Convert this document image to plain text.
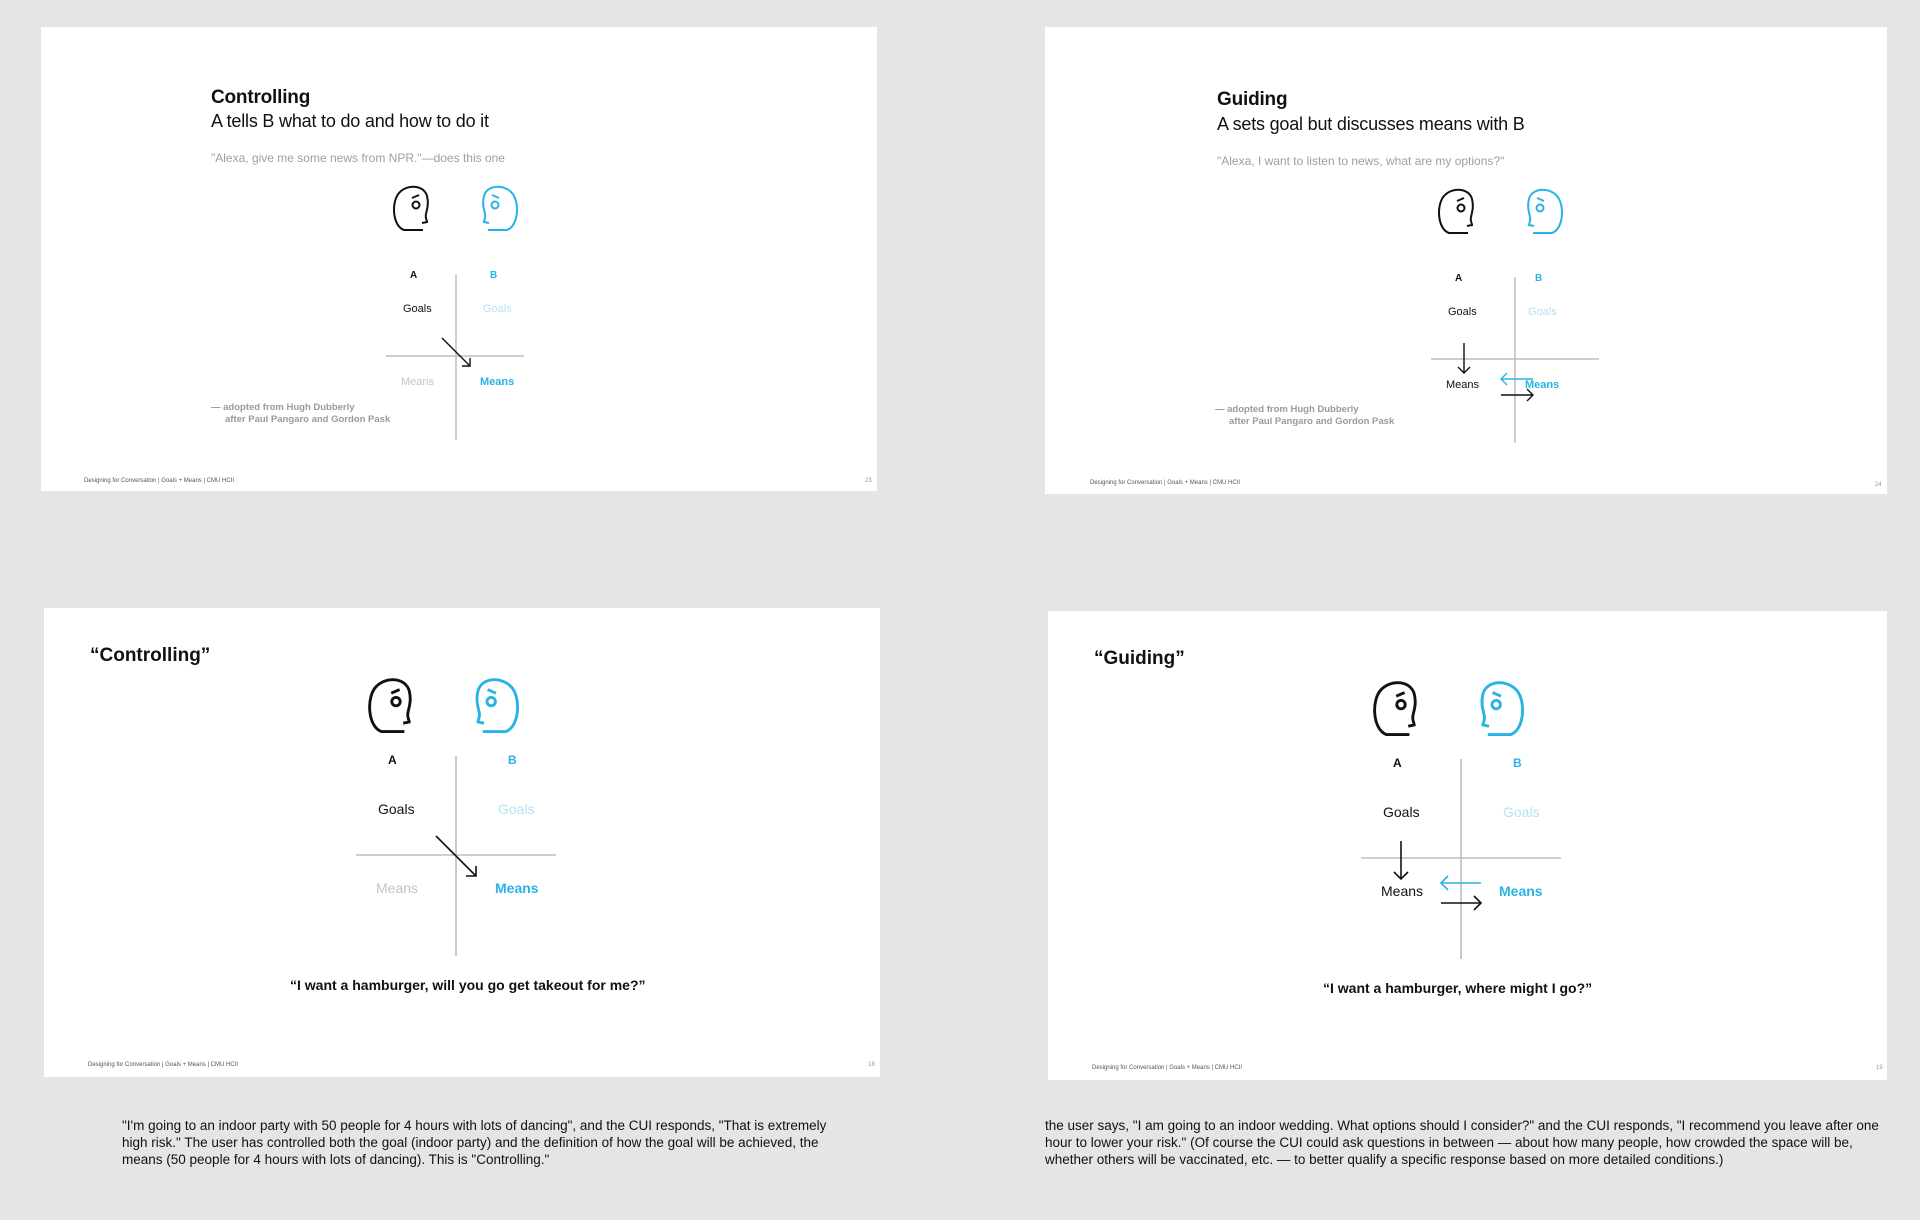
Controlling
A tells B what to do and how to do it
"Alexa, give me some news from NPR."—does this one
A	B
Goals	Goals
Means	Means
— adopted from Hugh Dubberly
after Paul Pangaro and Gordon Pask
Designing for Conversation | Goals + Means | CMU HCII	23
Guiding
A sets goal but discusses means with B
"Alexa, I want to listen to news, what are my options?"
A	B
Goals	Goals
Means	Means
— adopted from Hugh Dubberly
after Paul Pangaro and Gordon Pask
Designing for Conversation | Goals + Means | CMU HCII	24
“Controlling”
A	B
Goals	Goals
Means	Means
“I want a hamburger, will you go get takeout for me?”
Designing for Conversation | Goals + Means | CMU HCII	18
“Guiding”
A	B
Goals	Goals
Means	Means
“I want a hamburger, where might I go?”
Designing for Conversation | Goals + Means | CMU HCII	19
"I'm going to an indoor party with 50 people for 4 hours with lots of dancing", and the CUI responds, "That is extremely high risk." The user has controlled both the goal (indoor party) and the definition of how the goal will be achieved, the means (50 people for 4 hours with lots of dancing). This is "Controlling."
the user says, "I am going to an indoor wedding. What options should I consider?" and the CUI responds, "I recommend you leave after one hour to lower your risk." (Of course the CUI could ask questions in between — about how many people, how crowded the space will be, whether others will be vaccinated, etc. — to better qualify a specific response based on more detailed conditions.)
